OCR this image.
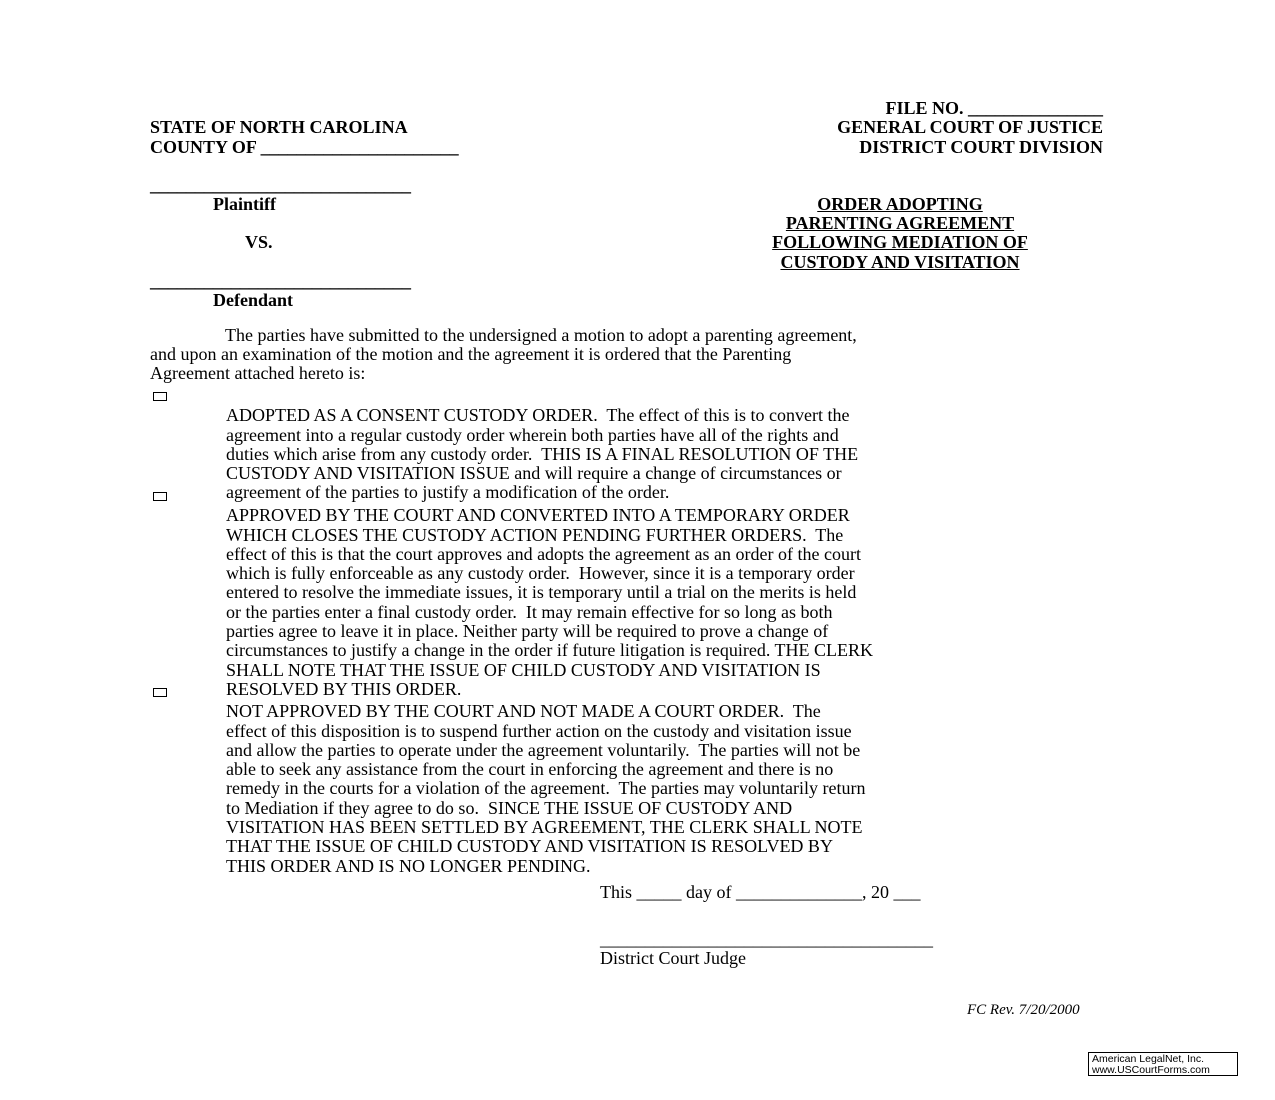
FILE NO. _______________
STATE OF NORTH CAROLINA	GENERAL COURT OF JUSTICE
COUNTY OF ______________________	DISTRICT COURT DIVISION
_____________________________
Plaintiff
VS.
_____________________________
Defendant
ORDER ADOPTING
PARENTING AGREEMENT
FOLLOWING MEDIATION OF
CUSTODY AND VISITATION
The parties have submitted to the undersigned a motion to adopt a parenting agreement,
and upon an examination of the motion and the agreement it is ordered that the Parenting
Agreement attached hereto is:

ADOPTED AS A CONSENT CUSTODY ORDER.  The effect of this is to convert the
agreement into a regular custody order wherein both parties have all of the rights and
duties which arise from any custody order.  THIS IS A FINAL RESOLUTION OF THE
CUSTODY AND VISITATION ISSUE and will require a change of circumstances or
agreement of the parties to justify a modification of the order.

APPROVED BY THE COURT AND CONVERTED INTO A TEMPORARY ORDER
WHICH CLOSES THE CUSTODY ACTION PENDING FURTHER ORDERS.  The
effect of this is that the court approves and adopts the agreement as an order of the court
which is fully enforceable as any custody order.  However, since it is a temporary order
entered to resolve the immediate issues, it is temporary until a trial on the merits is held
or the parties enter a final custody order.  It may remain effective for so long as both
parties agree to leave it in place. Neither party will be required to prove a change of
circumstances to justify a change in the order if future litigation is required. THE CLERK
SHALL NOTE THAT THE ISSUE OF CHILD CUSTODY AND VISITATION IS
RESOLVED BY THIS ORDER.

NOT APPROVED BY THE COURT AND NOT MADE A COURT ORDER.  The
effect of this disposition is to suspend further action on the custody and visitation issue
and allow the parties to operate under the agreement voluntarily.  The parties will not be
able to seek any assistance from the court in enforcing the agreement and there is no
remedy in the courts for a violation of the agreement.  The parties may voluntarily return
to Mediation if they agree to do so.  SINCE THE ISSUE OF CUSTODY AND
VISITATION HAS BEEN SETTLED BY AGREEMENT, THE CLERK SHALL NOTE
THAT THE ISSUE OF CHILD CUSTODY AND VISITATION IS RESOLVED BY
THIS ORDER AND IS NO LONGER PENDING.
This _____ day of ______________, 20 ___
_____________________________________
District Court Judge
FC Rev. 7/20/2000
American LegalNet, Inc.
www.USCourtForms.com
